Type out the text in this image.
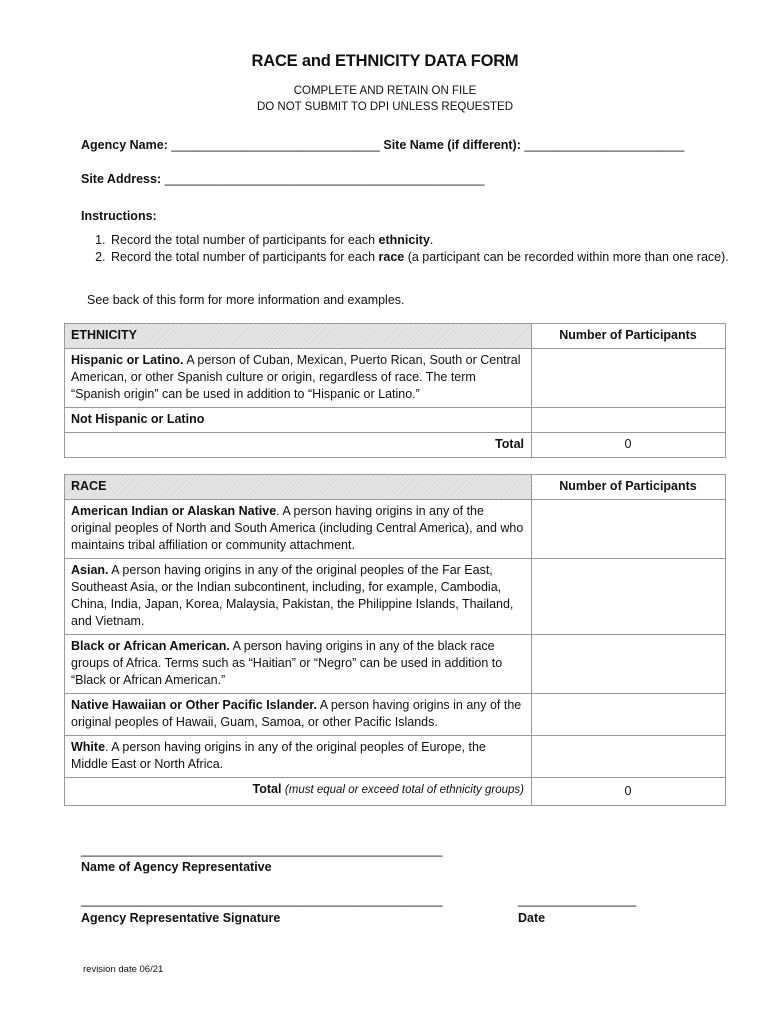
RACE and ETHNICITY DATA FORM
COMPLETE AND RETAIN ON FILE
DO NOT SUBMIT TO DPI UNLESS REQUESTED
Agency Name: ______________________________ Site Name (if different): _______________________
Site Address: ______________________________________________
Instructions:
1. Record the total number of participants for each ethnicity.
2. Record the total number of participants for each race (a participant can be recorded within more than one race).
See back of this form for more information and examples.
ETHNICITY	Number of Participants
Hispanic or Latino. A person of Cuban, Mexican, Puerto Rican, South or Central American, or other Spanish culture or origin, regardless of race. The term “Spanish origin” can be used in addition to “Hispanic or Latino.”	
Not Hispanic or Latino	
Total	0
RACE	Number of Participants
American Indian or Alaskan Native. A person having origins in any of the original peoples of North and South America (including Central America), and who maintains tribal affiliation or community attachment.	
Asian. A person having origins in any of the original peoples of the Far East, Southeast Asia, or the Indian subcontinent, including, for example, Cambodia, China, India, Japan, Korea, Malaysia, Pakistan, the Philippine Islands, Thailand, and Vietnam.	
Black or African American. A person having origins in any of the black race groups of Africa. Terms such as “Haitian” or “Negro” can be used in addition to “Black or African American.”	
Native Hawaiian or Other Pacific Islander. A person having origins in any of the original peoples of Hawaii, Guam, Samoa, or other Pacific Islands.	
White. A person having origins in any of the original peoples of Europe, the Middle East or North Africa.	
Total (must equal or exceed total of ethnicity groups)	0
____________________________________________________
Name of Agency Representative
____________________________________________________
Agency Representative Signature
_________________
Date
revision date 06/21
